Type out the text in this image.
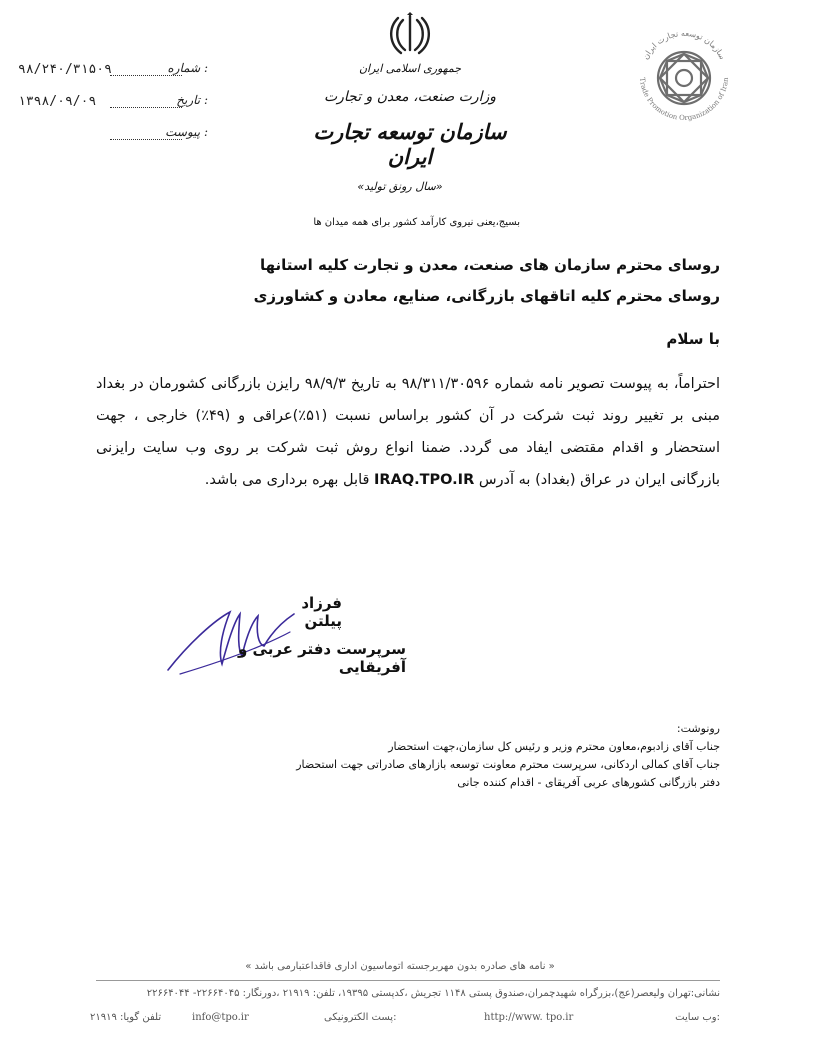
۹۸/۲۴۰/۳۱۵۰۹	شماره :
۱۳۹۸/۰۹/۰۹	تاریخ :
پیوست :
جمهوری اسلامی ایران
وزارت صنعت، معدن و تجارت
سازمان توسعه تجارت ایران
سازمان توسعه تجارت ایران
Trade Promotion Organization of Iran
«سال رونق تولید»
بسیج،یعنی نیروی کارآمد کشور برای همه میدان ها
روسای محترم سازمان های صنعت، معدن و تجارت کلیه استانها
روسای محترم کلیه اتاقهای بازرگانی، صنایع، معادن و کشاورزی
با سلام
احتراماً، به پیوست تصویر نامه شماره ۹۸/۳۱۱/۳۰۵۹۶ به تاریخ ۹۸/۹/۳ رایزن بازرگانی کشورمان در بغداد مبنی بر تغییر روند ثبت شرکت در آن کشور براساس نسبت (۵۱٪)عراقی و (۴۹٪) خارجی ، جهت استحضار و اقدام مقتضی ایفاد می گردد. ضمنا انواع روش ثبت شرکت بر روی وب سایت رایزنی بازرگانی ایران در عراق (بغداد) به آدرس IRAQ.TPO.IR قابل بهره برداری می باشد.
فرزاد پیلتن
سرپرست دفتر عربی و آفریقایی
رونوشت:
جناب آقای زادبوم،معاون محترم وزیر و رئیس کل سازمان،جهت استحضار
جناب آقای کمالی اردکانی، سرپرست محترم معاونت توسعه بازارهای صادراتی جهت استحضار
دفتر بازرگانی کشورهای عربی آفریقای - اقدام کننده جانی
« نامه های صادره بدون مهربرجسته اتوماسیون اداری فاقداعتبارمی باشد »
نشانی:تهران ولیعصر(عج)،بزرگراه شهیدچمران،صندوق پستی ۱۱۴۸ تجریش ،کدپستی ۱۹۳۹۵، تلفن: ۲۱۹۱۹ ،دورنگار: ۲۲۶۶۴۰۴۵- ۲۲۶۶۴۰۴۴
وب سایت:
http://www. tpo.ir
پست الکترونیکی:
info@tpo.ir
تلفن گویا: ۲۱۹۱۹
